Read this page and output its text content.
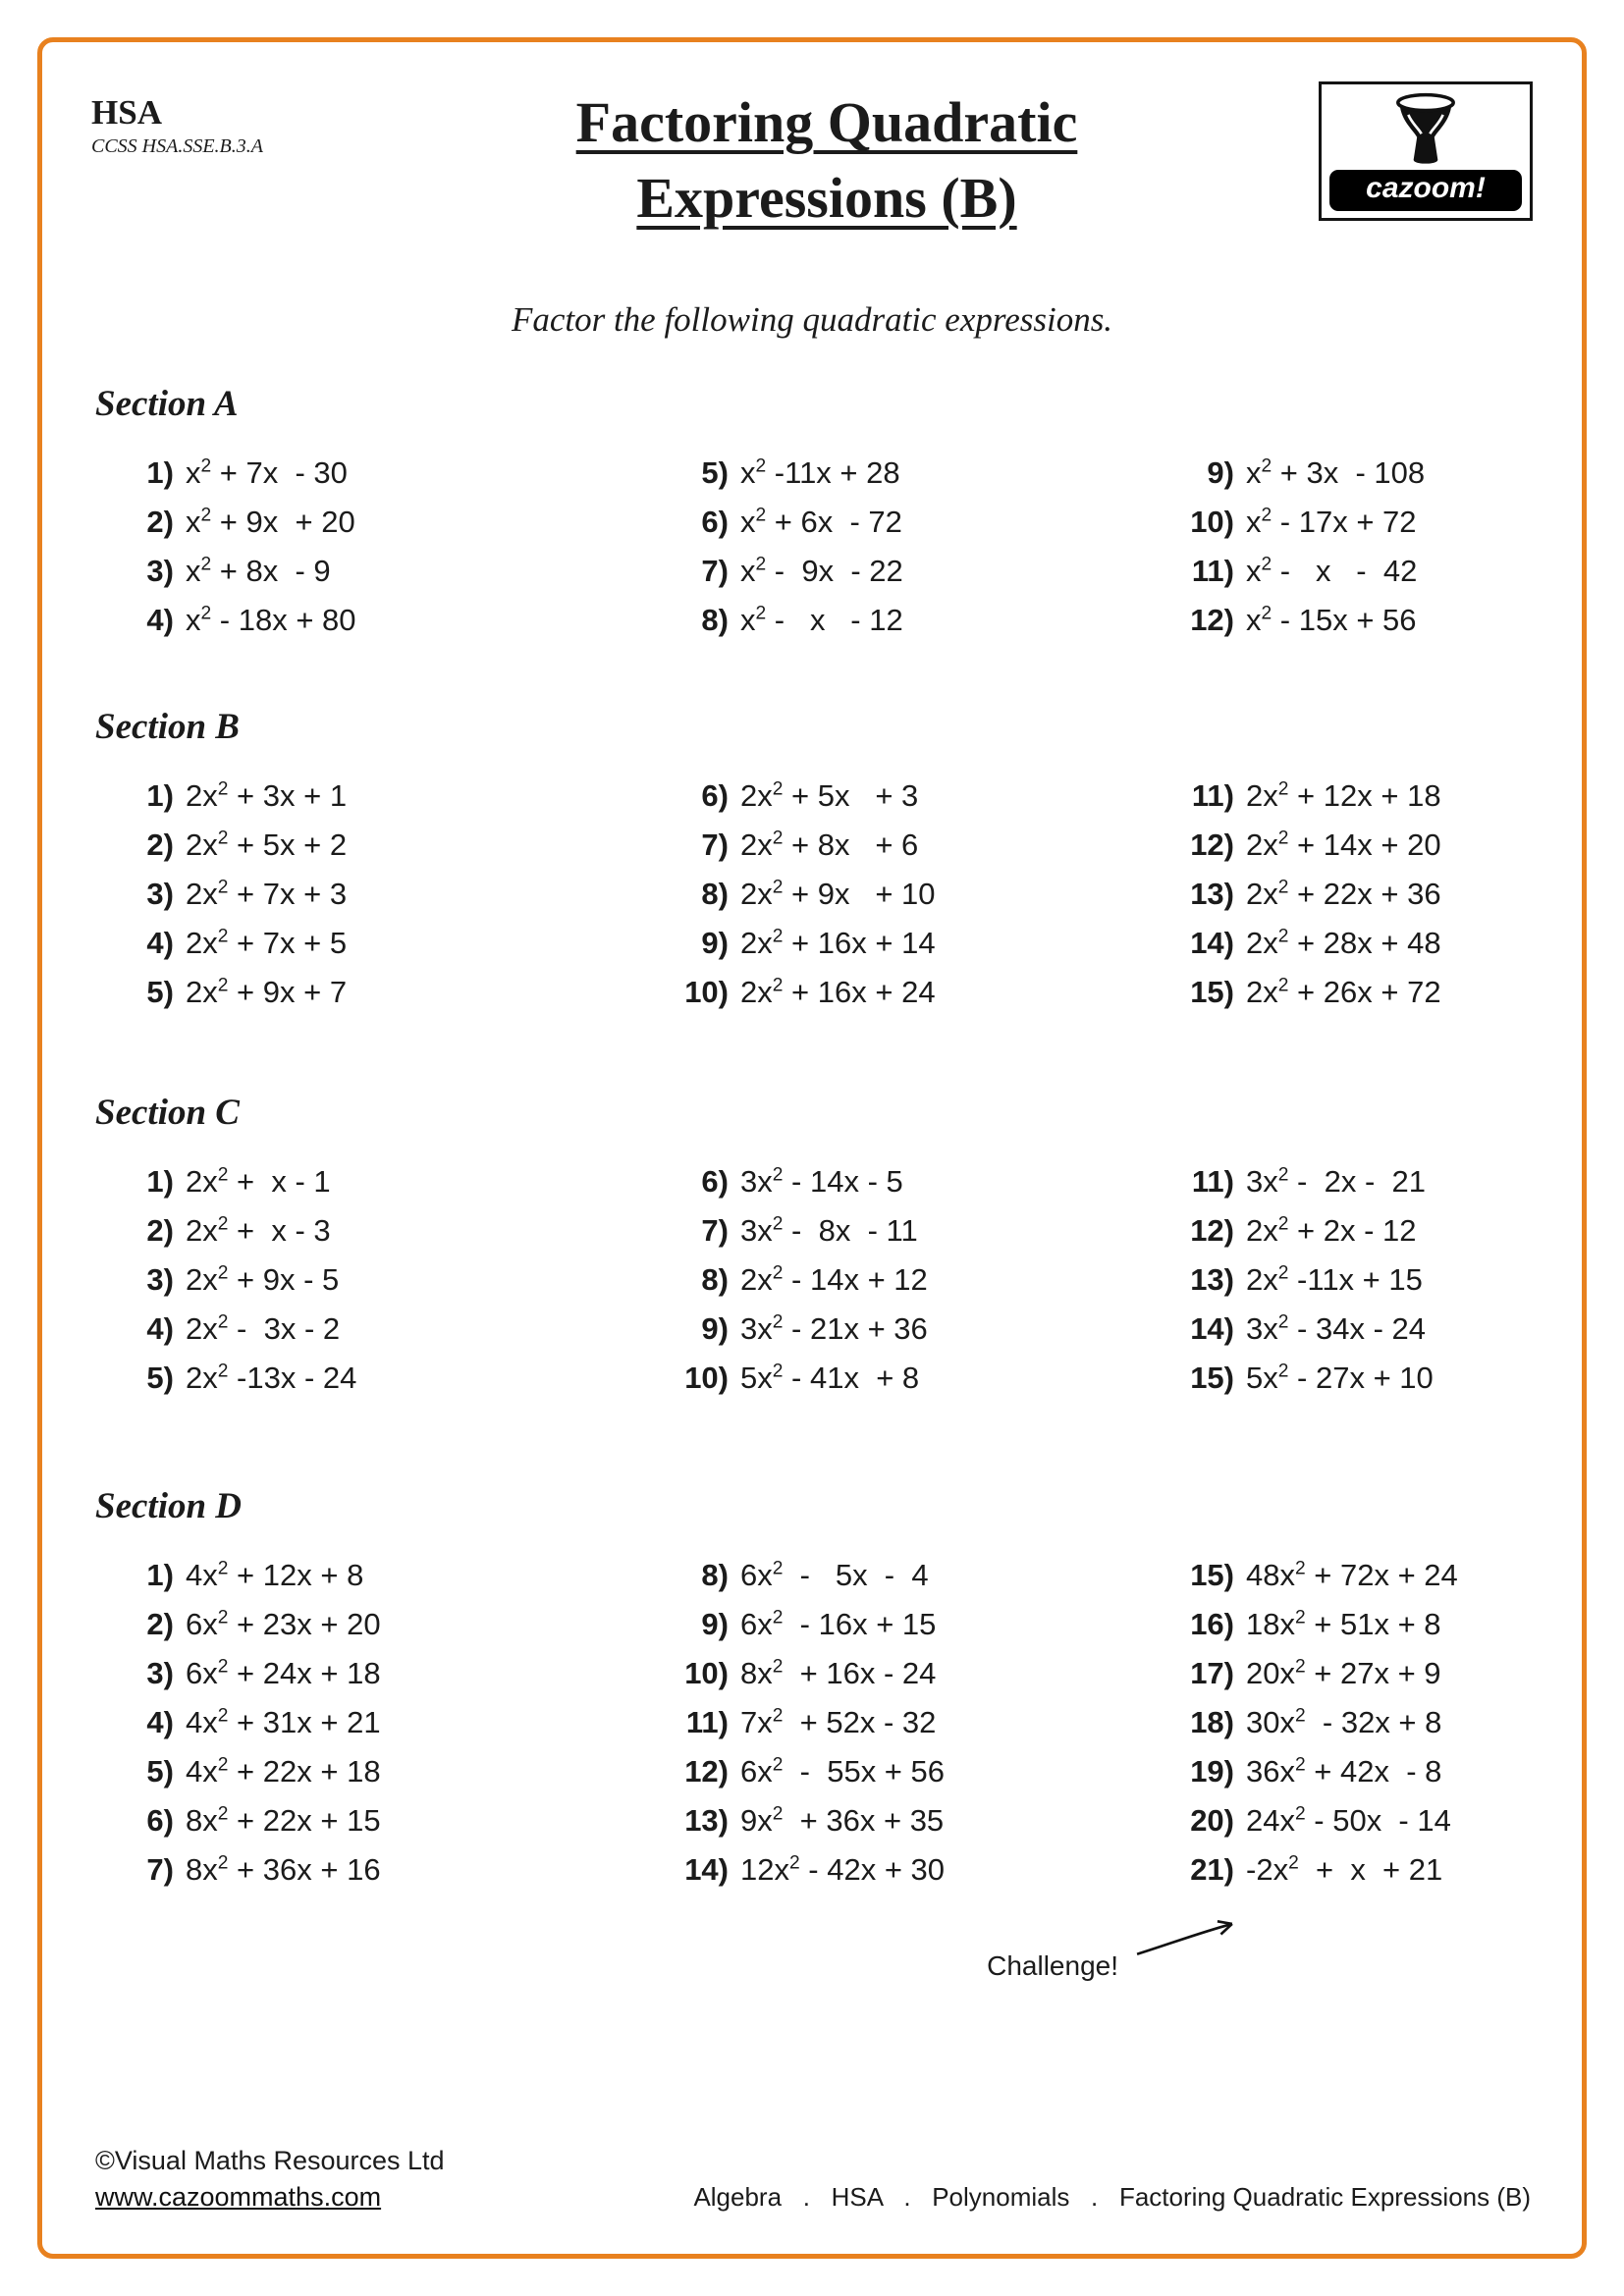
HSA
CCSS HSA.SSE.B.3.A	Factoring Quadratic
Expressions (B)	cazoom!
Factor the following quadratic expressions.
Section A
1) $x^2 + 7x - 30$
2) $x^2 + 9x + 20$
3) $x^2 + 8x - 9$
4) $x^2 - 18x + 80$
5) $x^2$ -11x + 28
6) $x^2 + 6x - 72$
7) $x^2 - 9x - 22$
8) $x^2$ -   x   - 12
9) $x^2 + 3x - 108$
10) $x^2 - 17x + 72$
11) $x^2$ -   x   -  42
12) $x^2 - 15x + 56$
Section B
1) $2x^2 + 3x + 1$
2) $2x^2 + 5x + 2$
3) $2x^2 + 7x + 3$
4) $2x^2 + 7x + 5$
5) $2x^2 + 9x + 7$
6) $2x^2 + 5x + 3$
7) $2x^2 + 8x + 6$
8) $2x^2 + 9x + 10$
9) $2x^2 + 16x + 14$
10) $2x^2 + 16x + 24$
11) $2x^2 + 12x + 18$
12) $2x^2 + 14x + 20$
13) $2x^2 + 22x + 36$
14) $2x^2 + 28x + 48$
15) $2x^2 + 26x + 72$
Section C
1) $2x^2 + x - 1$
2) $2x^2 + x - 3$
3) $2x^2 + 9x - 5$
4) $2x^2 - 3x - 2$
5) $2x^2$ -13x - 24
6) $3x^2 - 14x - 5$
7) $3x^2 - 8x - 11$
8) $2x^2 - 14x + 12$
9) $3x^2 - 21x + 36$
10) $5x^2 - 41x + 8$
11) $3x^2 - 2x - 21$
12) $2x^2 + 2x - 12$
13) $2x^2$ -11x + 15
14) $3x^2 - 34x - 24$
15) $5x^2 - 27x + 10$
Section D
1) $4x^2 + 12x + 8$
2) $6x^2 + 23x + 20$
3) $6x^2 + 24x + 18$
4) $4x^2 + 31x + 21$
5) $4x^2 + 22x + 18$
6) $8x^2 + 22x + 15$
7) $8x^2 + 36x + 16$
8) $6x^2 - 5x - 4$
9) $6x^2 - 16x + 15$
10) $8x^2 + 16x - 24$
11) $7x^2 + 52x - 32$
12) $6x^2 - 55x + 56$
13) $9x^2 + 36x + 35$
14) $12x^2 - 42x + 30$
15) $48x^2 + 72x + 24$
16) $18x^2 + 51x + 8$
17) $20x^2 + 27x + 9$
18) $30x^2 - 32x + 8$
19) $36x^2 + 42x - 8$
20) $24x^2 - 50x - 14$
21) $-2x^2 + x + 21$
Challenge!
©Visual Maths Resources Ltd
www.cazoommaths.com	Algebra   .   HSA   .   Polynomials   .   Factoring Quadratic Expressions (B)
